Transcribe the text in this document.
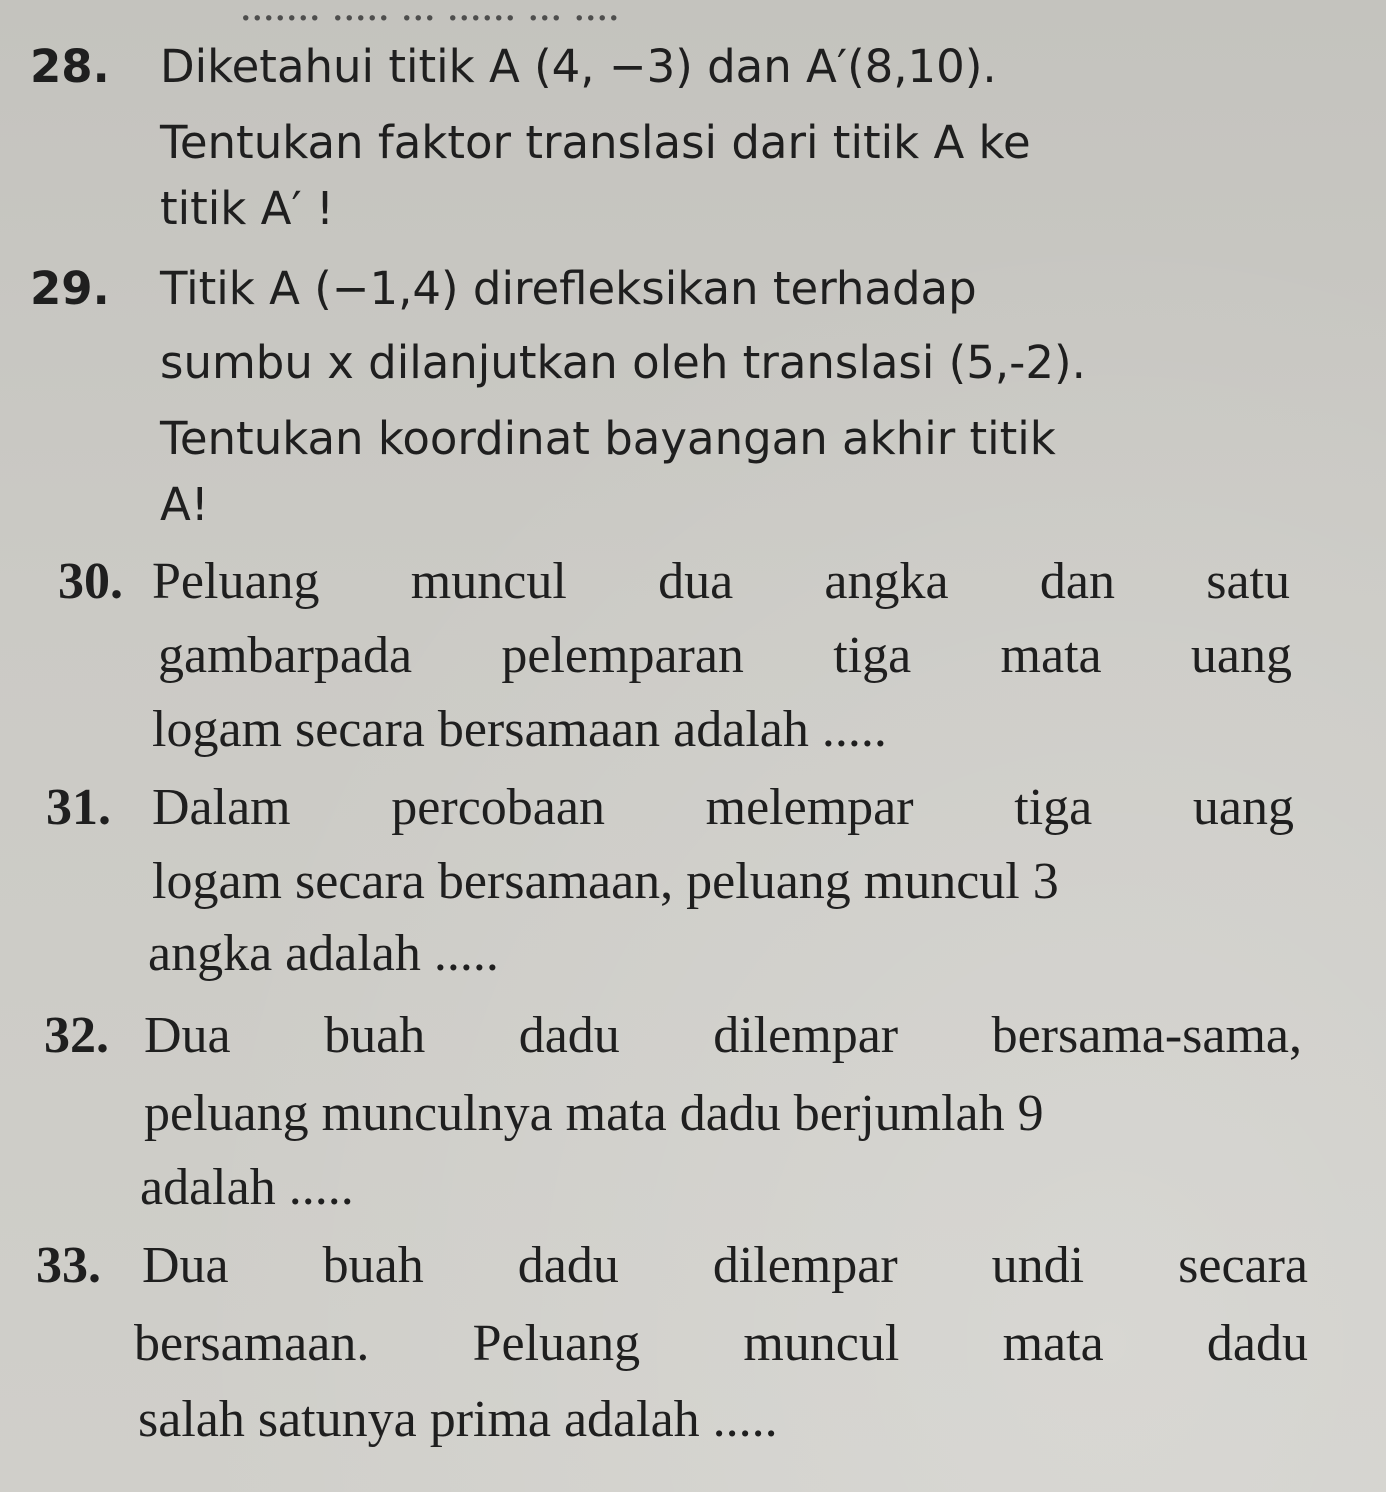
....... ..... ... ...... ... ....
28. Diketahui titik A (4, −3) dan A′(8,10).
Tentukan faktor translasi dari titik A ke
titik A′ !
29. Titik A (−1,4) direfleksikan terhadap
sumbu x dilanjutkan oleh translasi (5,-2).
Tentukan koordinat bayangan akhir titik
A!
30. Peluang muncul dua angka dan satu
gambarpada pelemparan tiga mata uang
logam secara bersamaan adalah .....
31. Dalam percobaan melempar tiga uang
logam secara bersamaan, peluang muncul 3
angka adalah .....
32. Dua buah dadu dilempar bersama-sama,
peluang munculnya mata dadu berjumlah 9
adalah .....
33. Dua buah dadu dilempar undi secara
bersamaan. Peluang muncul mata dadu
salah satunya prima adalah .....
